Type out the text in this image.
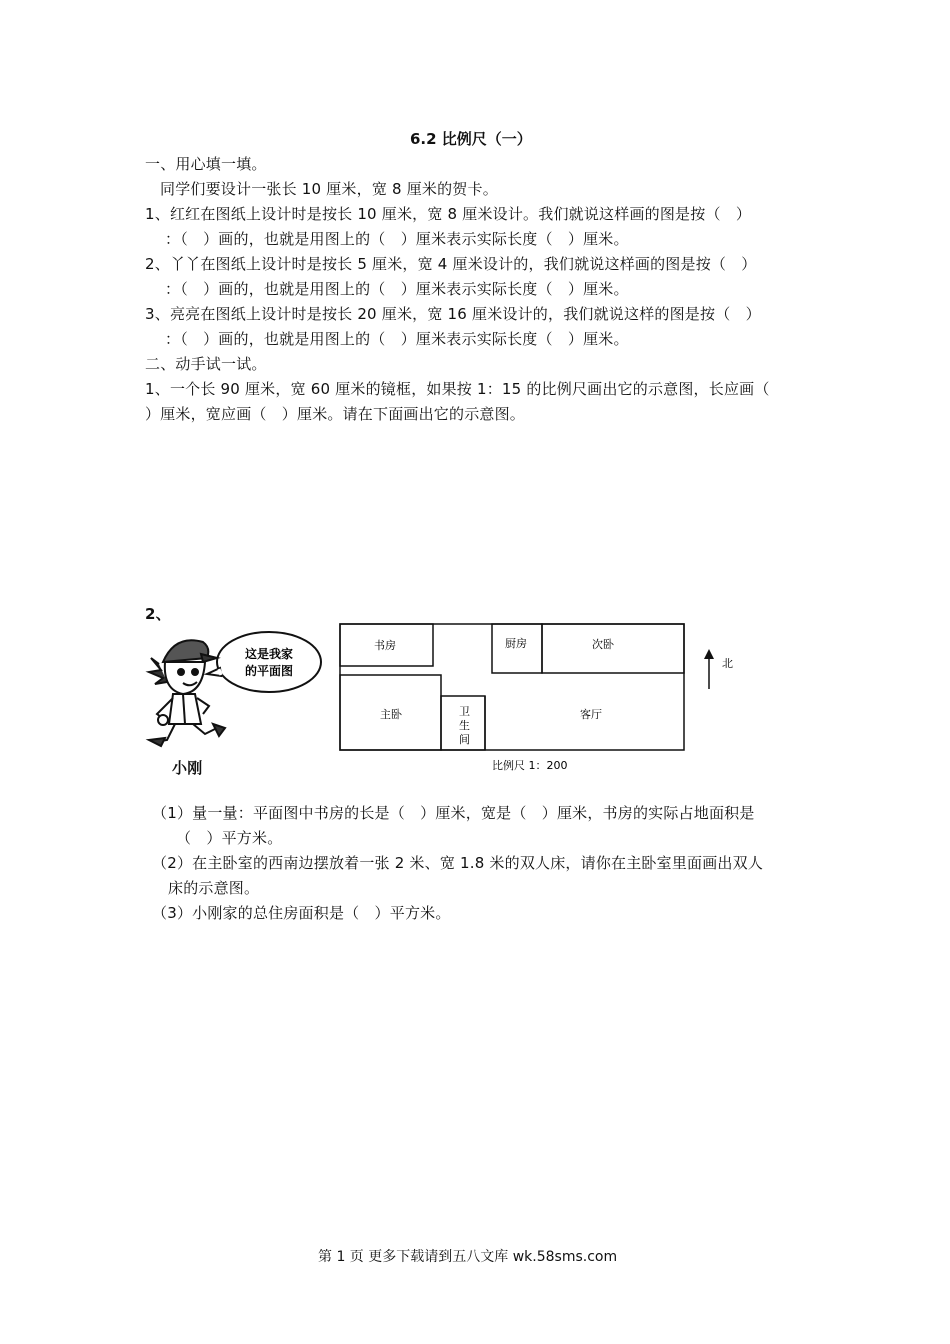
6.2 比例尺（一）
一、用心填一填。
同学们要设计一张长 10 厘米，宽 8 厘米的贺卡。
1、红红在图纸上设计时是按长 10 厘米，宽 8 厘米设计。我们就说这样画的图是按（　）
：（　）画的，也就是用图上的（　）厘米表示实际长度（　）厘米。
2、丫丫在图纸上设计时是按长 5 厘米，宽 4 厘米设计的，我们就说这样画的图是按（　）
：（　）画的，也就是用图上的（　）厘米表示实际长度（　）厘米。
3、亮亮在图纸上设计时是按长 20 厘米，宽 16 厘米设计的，我们就说这样的图是按（　）
：（　）画的，也就是用图上的（　）厘米表示实际长度（　）厘米。
二、动手试一试。
1、一个长 90 厘米，宽 60 厘米的镜框，如果按 1：15 的比例尺画出它的示意图，长应画（
）厘米，宽应画（　）厘米。请在下面画出它的示意图。
2、
这是我家
的平面图
小刚
书房	厨房	次卧
主卧	卫
生
间
客厅
北
比例尺 1：200
（1）量一量：平面图中书房的长是（　）厘米，宽是（　）厘米，书房的实际占地面积是
（　）平方米。
（2）在主卧室的西南边摆放着一张 2 米、宽 1.8 米的双人床，请你在主卧室里面画出双人
床的示意图。
（3）小刚家的总住房面积是（　）平方米。
第 1 页 更多下载请到五八文库 wk.58sms.com
